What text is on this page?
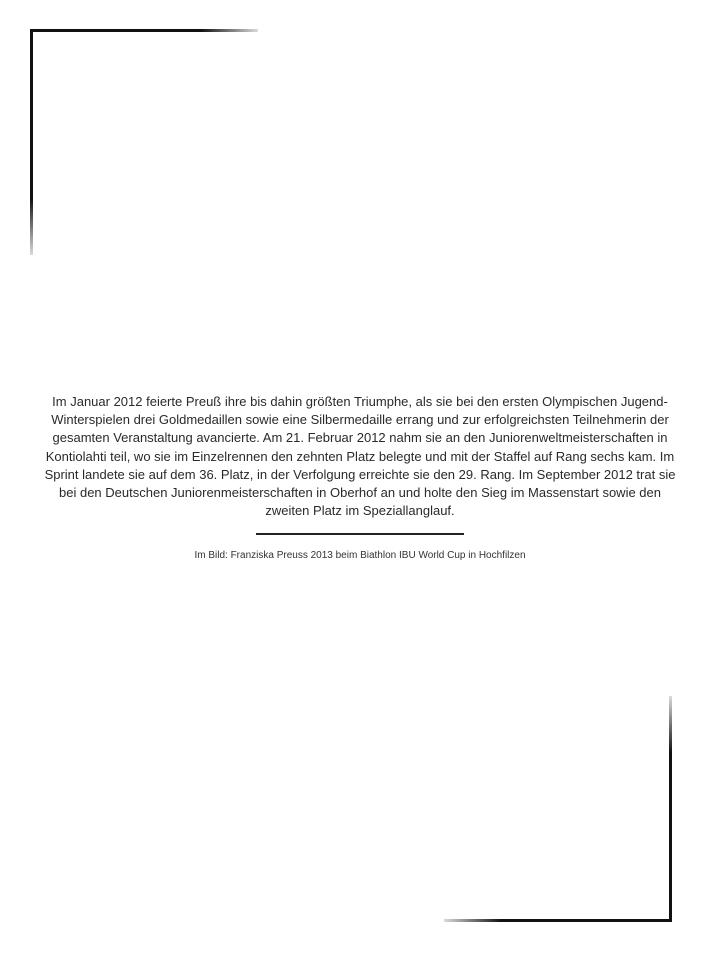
Im Januar 2012 feierte Preuß ihre bis dahin größten Triumphe, als sie bei den ersten Olympischen Jugend-Winterspielen drei Goldmedaillen sowie eine Silbermedaille errang und zur erfolgreichsten Teilnehmerin der gesamten Veranstaltung avancierte. Am 21. Februar 2012 nahm sie an den Juniorenweltmeisterschaften in Kontiolahti teil, wo sie im Einzelrennen den zehnten Platz belegte und mit der Staffel auf Rang sechs kam. Im Sprint landete sie auf dem 36. Platz, in der Verfolgung erreichte sie den 29. Rang. Im September 2012 trat sie bei den Deutschen Juniorenmeisterschaften in Oberhof an und holte den Sieg im Massenstart sowie den zweiten Platz im Speziallanglauf.

Im Bild: Franziska Preuss 2013 beim Biathlon IBU World Cup in Hochfilzen
